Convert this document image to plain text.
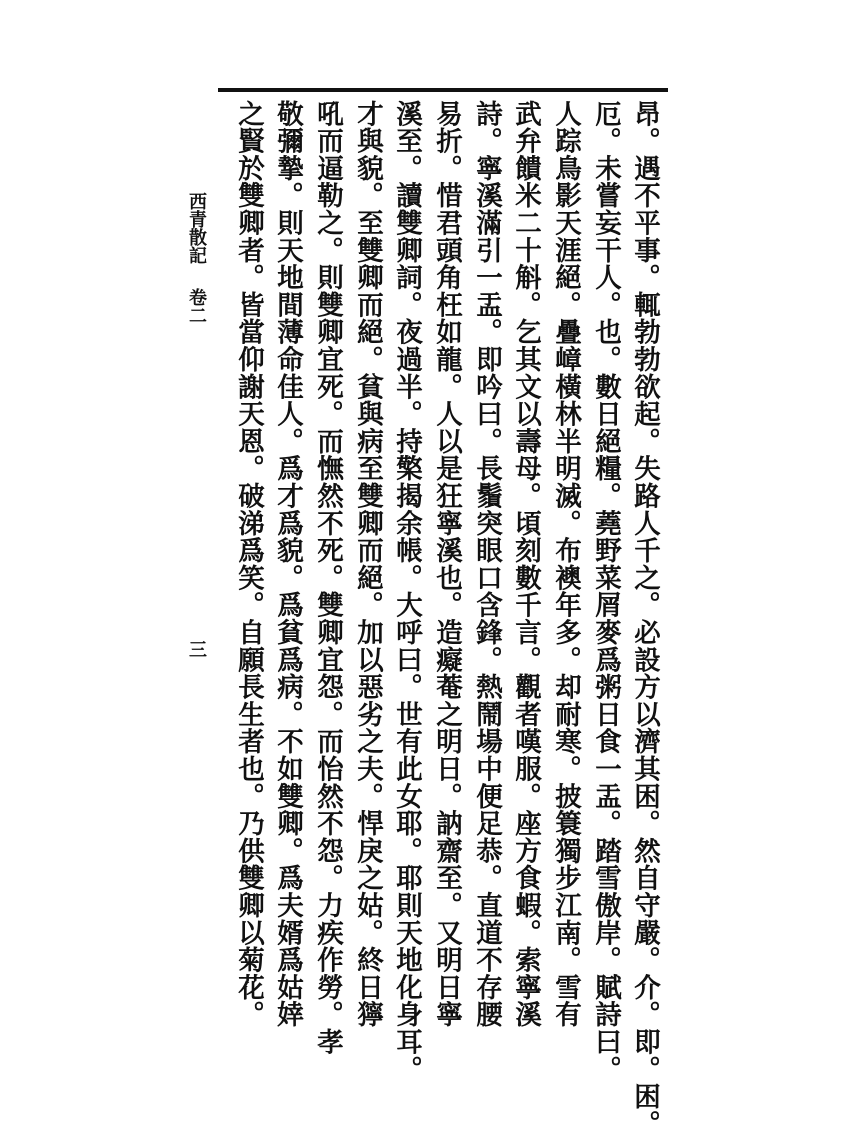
昂。遇不平事。輒勃勃欲起。失路人千之。必設方以濟其困。然自守嚴。介。即。困。
厄。未嘗妄干人。也。數日絕糧。蕘野菜屑麥爲粥日食一盂。踏雪傲岸。賦詩曰。
人踪鳥影天涯絕。疊嶂橫林半明滅。布襖年多。却耐寒。披簑獨步江南。雪有
武弁饋米二十斛。乞其文以壽母。頃刻數千言。觀者嘆服。座方食蝦。索寧溪
詩。寧溪滿引一盂。即吟曰。長鬚突眼口含鋒。熱鬧場中便足恭。直道不存腰
易折。惜君頭角枉如龍。人以是狂寧溪也。造癡菴之明日。訥齋至。又明日寧
溪至。讀雙卿詞。夜過半。持檠揭余帳。大呼曰。世有此女耶。耶則天地化身耳。
才與貌。至雙卿而絕。貧與病至雙卿而絕。加以惡劣之夫。悍戾之姑。終日獰
吼而逼勒之。則雙卿宜死。而憮然不死。雙卿宜怨。而怡然不怨。力疾作勞。孝
敬彌摯。則天地間薄命佳人。爲才爲貌。爲貧爲病。不如雙卿。爲夫婿爲姑婞
之賢於雙卿者。皆當仰謝天恩。破涕爲笑。自願長生者也。乃供雙卿以菊花。
西青散記
卷二
三
